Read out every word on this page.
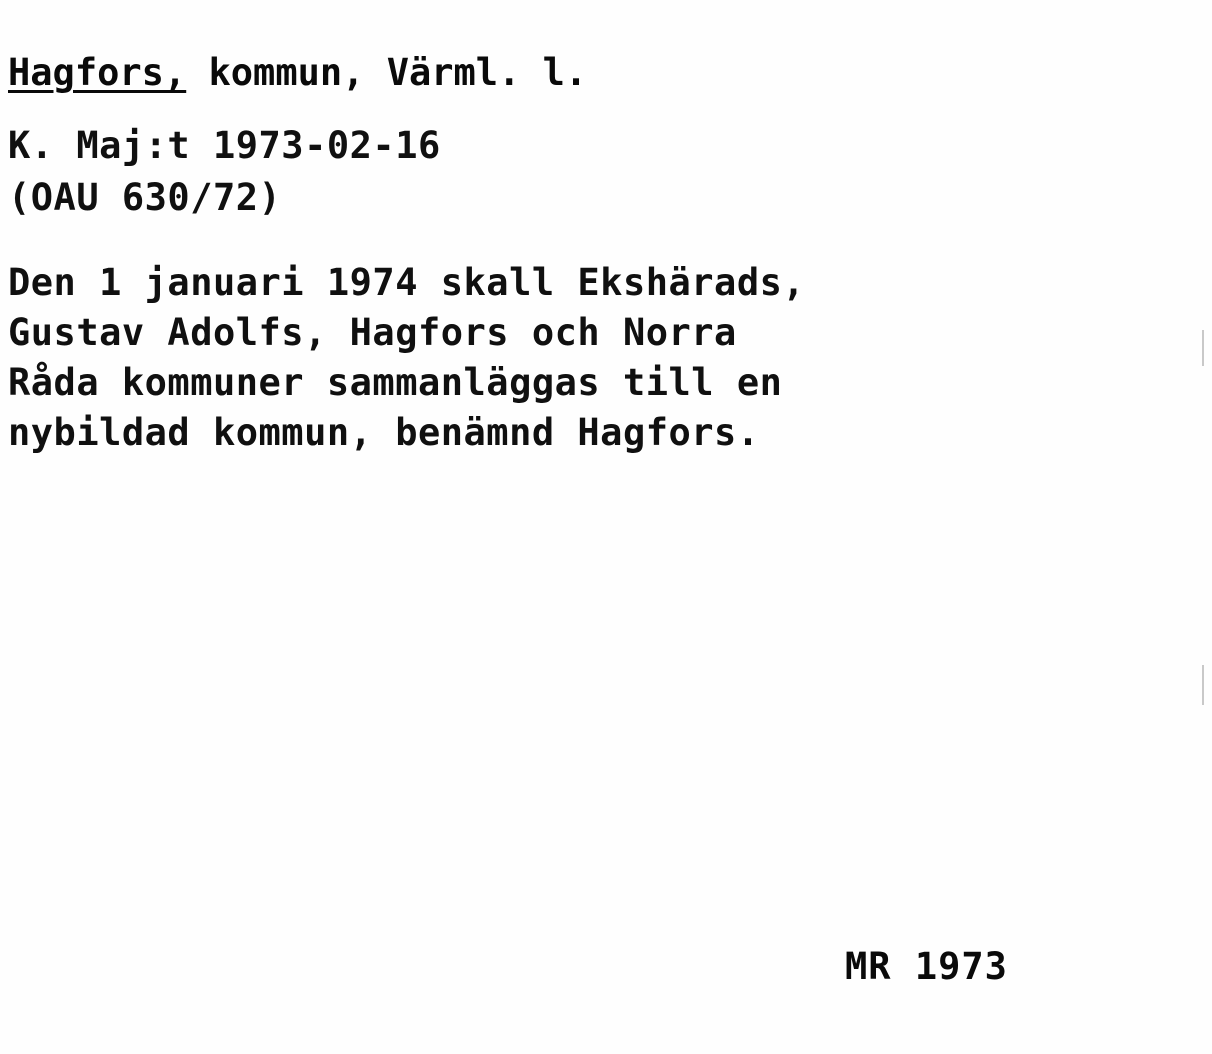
Hagfors, kommun, Värml. l.
K. Maj:t 1973-02-16
(OAU 630/72)
Den 1 januari 1974 skall Ekshärads,
Gustav Adolfs, Hagfors och Norra
Råda kommuner sammanläggas till en
nybildad kommun, benämnd Hagfors.
MR 1973
